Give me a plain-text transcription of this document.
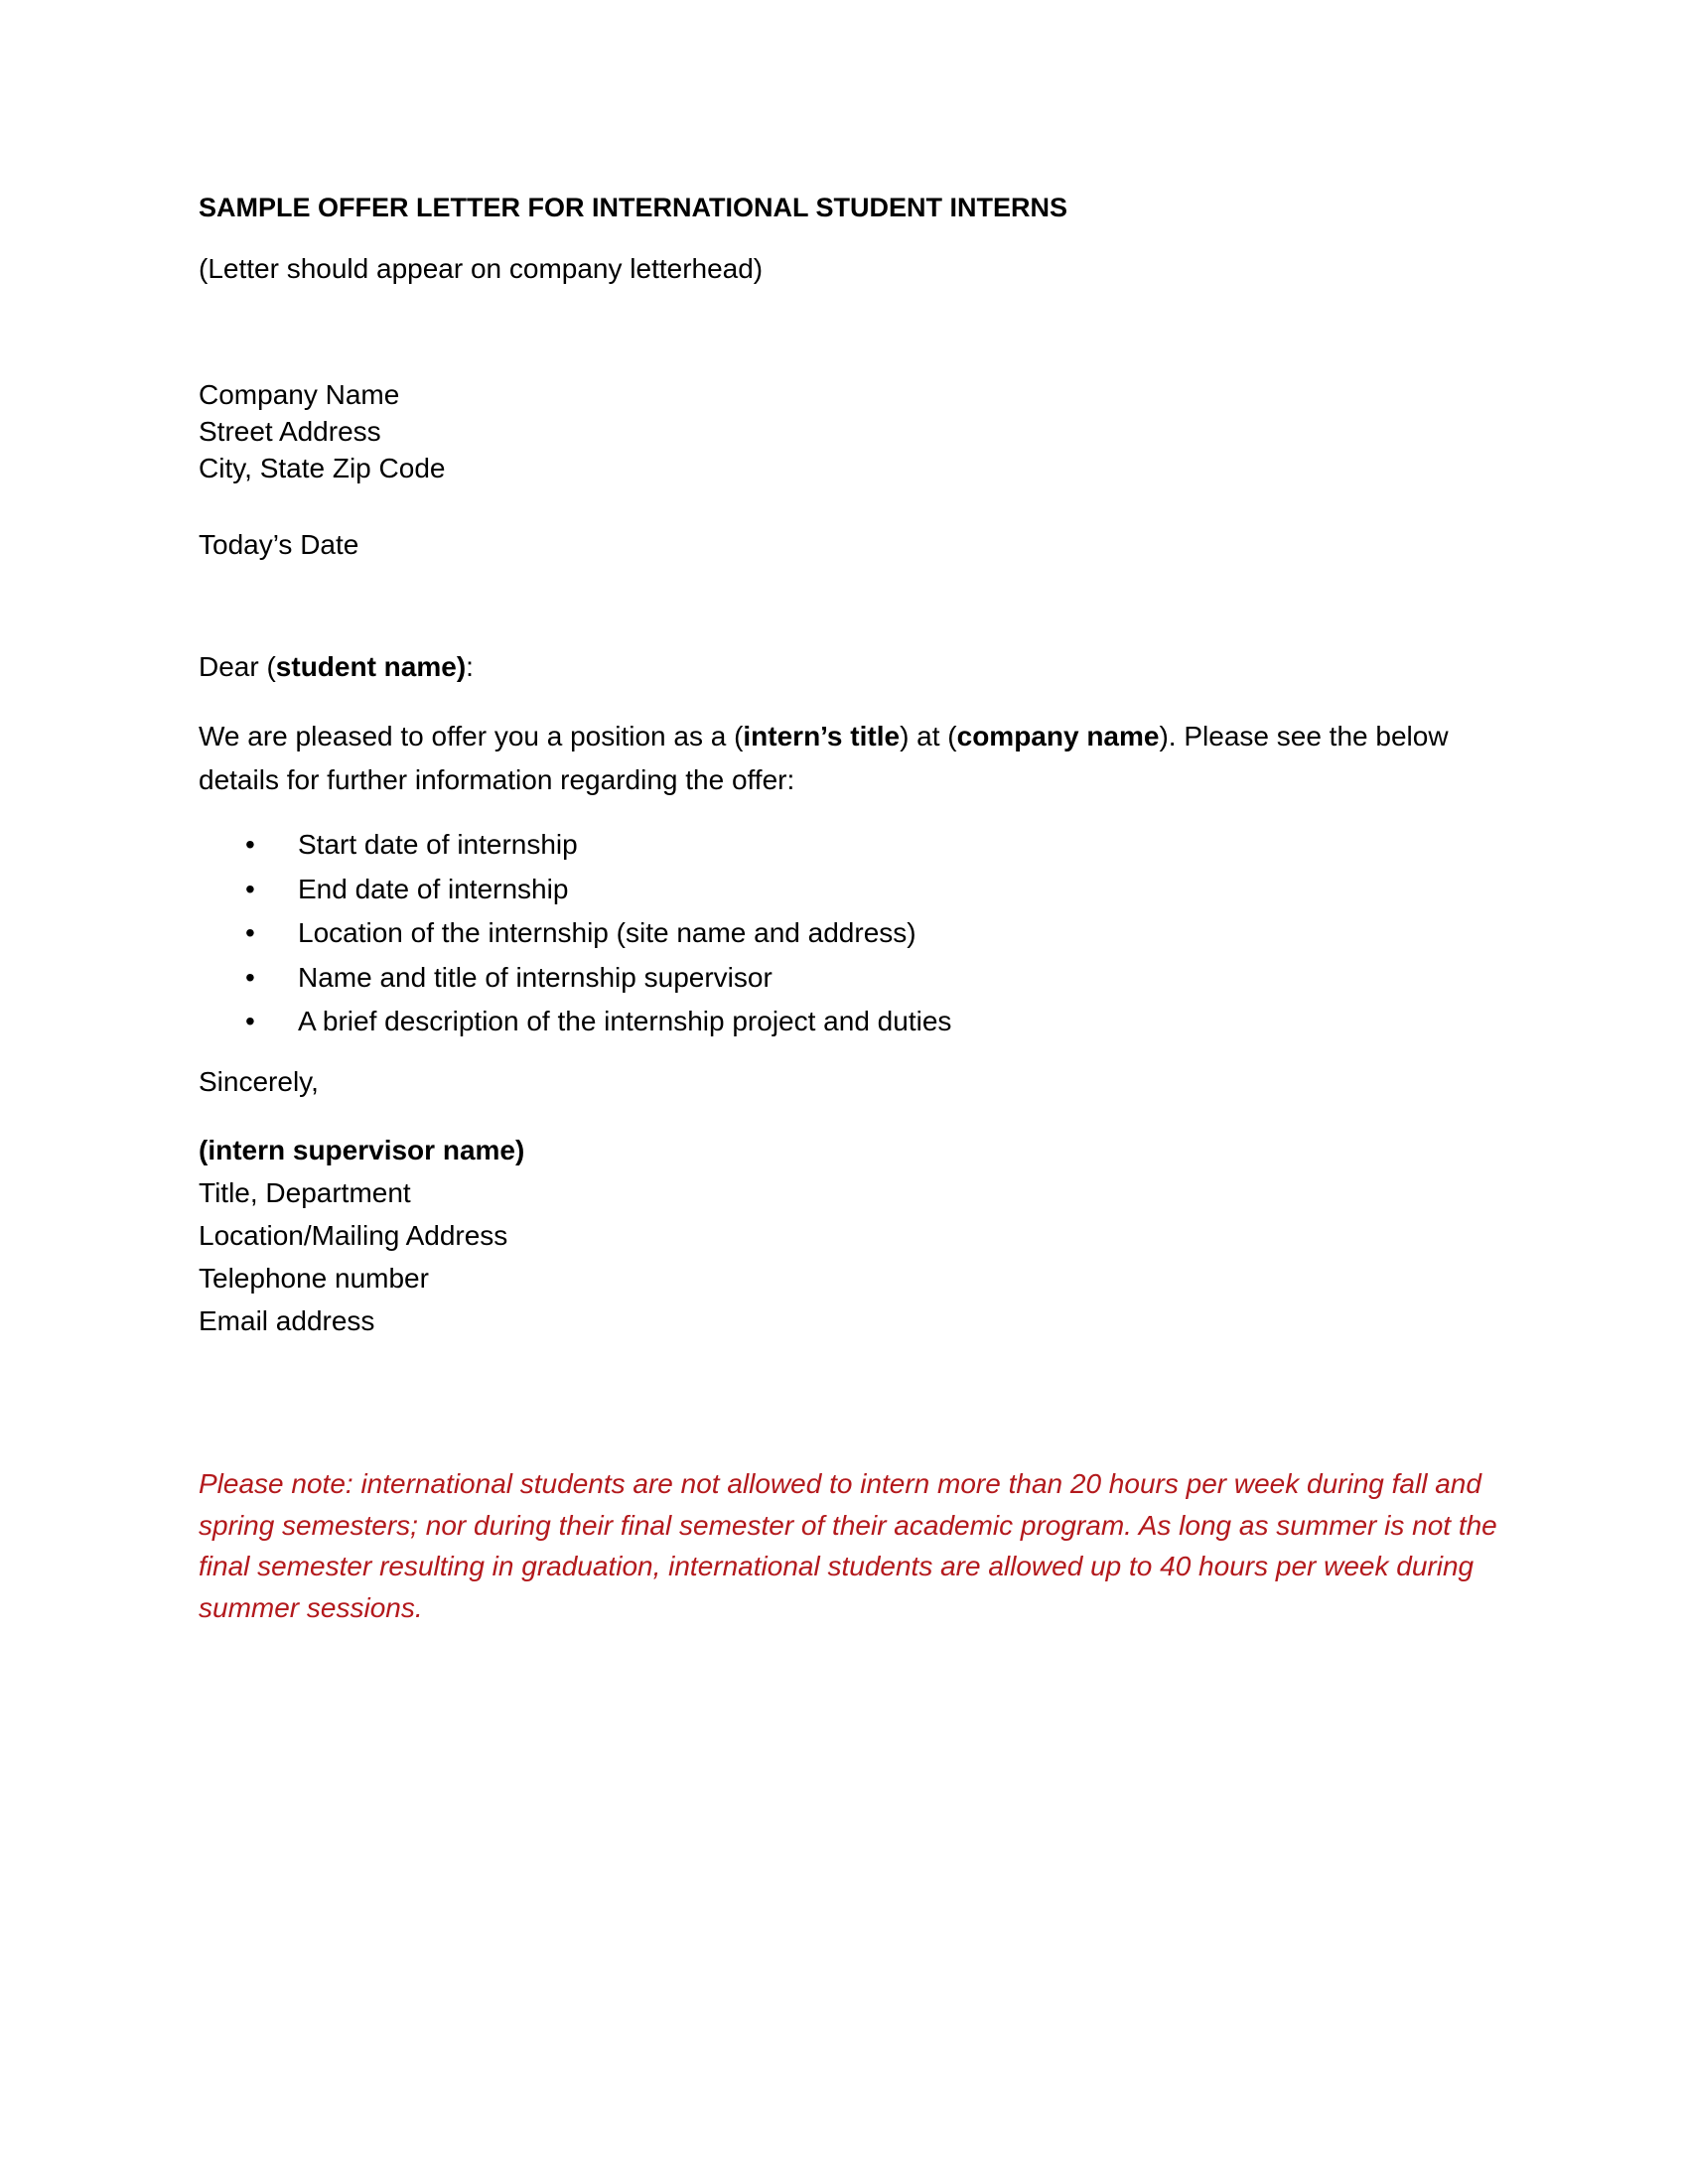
SAMPLE OFFER LETTER FOR INTERNATIONAL STUDENT INTERNS

(Letter should appear on company letterhead)

Company Name
Street Address
City, State Zip Code

Today’s Date

Dear (student name):

We are pleased to offer you a position as a (intern’s title) at (company name). Please see the below details for further information regarding the offer:

• Start date of internship
• End date of internship
• Location of the internship (site name and address)
• Name and title of internship supervisor
• A brief description of the internship project and duties

Sincerely,

(intern supervisor name)
Title, Department
Location/Mailing Address
Telephone number
Email address

Please note: international students are not allowed to intern more than 20 hours per week during fall and spring semesters; nor during their final semester of their academic program. As long as summer is not the final semester resulting in graduation, international students are allowed up to 40 hours per week during summer sessions.
